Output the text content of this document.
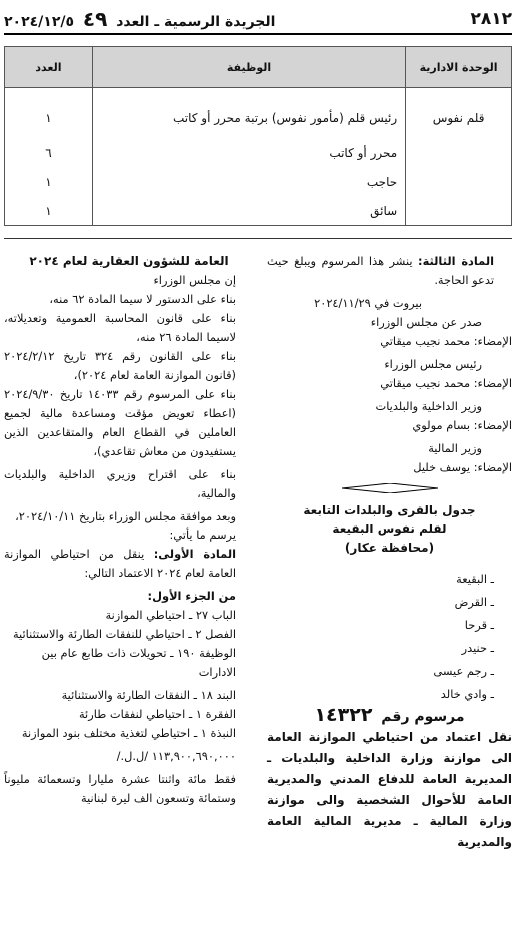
٢٨١٢
الجريدة الرسمية ـ العدد ٤٩ ٢٠٢٤/١٢/٥
الوحدة الادارية	الوظيفة	العدد
قلم نفوس	رئيس قلم (مأمور نفوس) برتبة محرر أو كاتب	١
	محرر أو كاتب	٦
	حاجب	١
	سائق	١

المادة الثالثة: ينشر هذا المرسوم ويبلغ حيث تدعو الحاجة.

بيروت في ٢٠٢٤/١١/٢٩

صدر عن مجلس الوزراء

الإمضاء: محمد نجيب ميقاتي

رئيس مجلس الوزراء

الإمضاء: محمد نجيب ميقاتي

وزير الداخلية والبلديات

الإمضاء: بسام مولوي

وزير المالية

الإمضاء: يوسف خليل

جدول بالقرى والبلدات التابعة

لقلم نفوس البقيعة

(محافظة عكار)

ـ البقيعة

ـ القرض

ـ قرحا

ـ حنيدر

ـ رجم عيسى

ـ وادي خالد

مرسوم رقم ١٤٣٢٢

نقل اعتماد من احتياطي الموازنة العامة الى موازنة وزارة الداخلية والبلديات ـ المديرية العامة للدفاع المدني والمديرية العامة للأحوال الشخصية والى موازنة وزارة المالية ـ مديرية المالية العامة والمديرية

العامة للشؤون العقارية لعام ٢٠٢٤

إن مجلس الوزراء

بناء على الدستور لا سيما المادة ٦٢ منه،

بناء على قانون المحاسبة العمومية وتعديلاته، لاسيما المادة ٢٦ منه،

بناء على القانون رقم ٣٢٤ تاريخ ٢٠٢٤/٢/١٢ (قانون الموازنة العامة لعام ٢٠٢٤)،

بناء على المرسوم رقم ١٤٠٣٣ تاريخ ٢٠٢٤/٩/٣٠ (اعطاء تعويض مؤقت ومساعدة مالية لجميع العاملين في القطاع العام والمتقاعدين الذين يستفيدون من معاش تقاعدي)،

بناء على اقتراح وزيري الداخلية والبلديات والمالية،

وبعد موافقة مجلس الوزراء بتاريخ ٢٠٢٤/١٠/١١،

يرسم ما يأتي:

المادة الأولى: ينقل من احتياطي الموازنة العامة لعام ٢٠٢٤ الاعتماد التالي:

من الجزء الأول:

الباب ٢٧ ـ احتياطي الموازنة

الفصل ٢ ـ احتياطي للنفقات الطارئة والاستثنائية

الوظيفة ١٩٠ ـ تحويلات ذات طابع عام بين الادارات

البند ١٨ ـ النفقات الطارئة والاستثنائية

الفقرة ١ ـ احتياطي لنفقات طارئة

النبذة ١ ـ احتياطي لتغذية مختلف بنود الموازنة

١١٣,٩٠٠,٦٩٠,٠٠٠ /ل.ل./

فقط مائة واثنتا عشرة مليارا وتسعمائة مليوناً وستمائة وتسعون الف ليرة لبنانية
